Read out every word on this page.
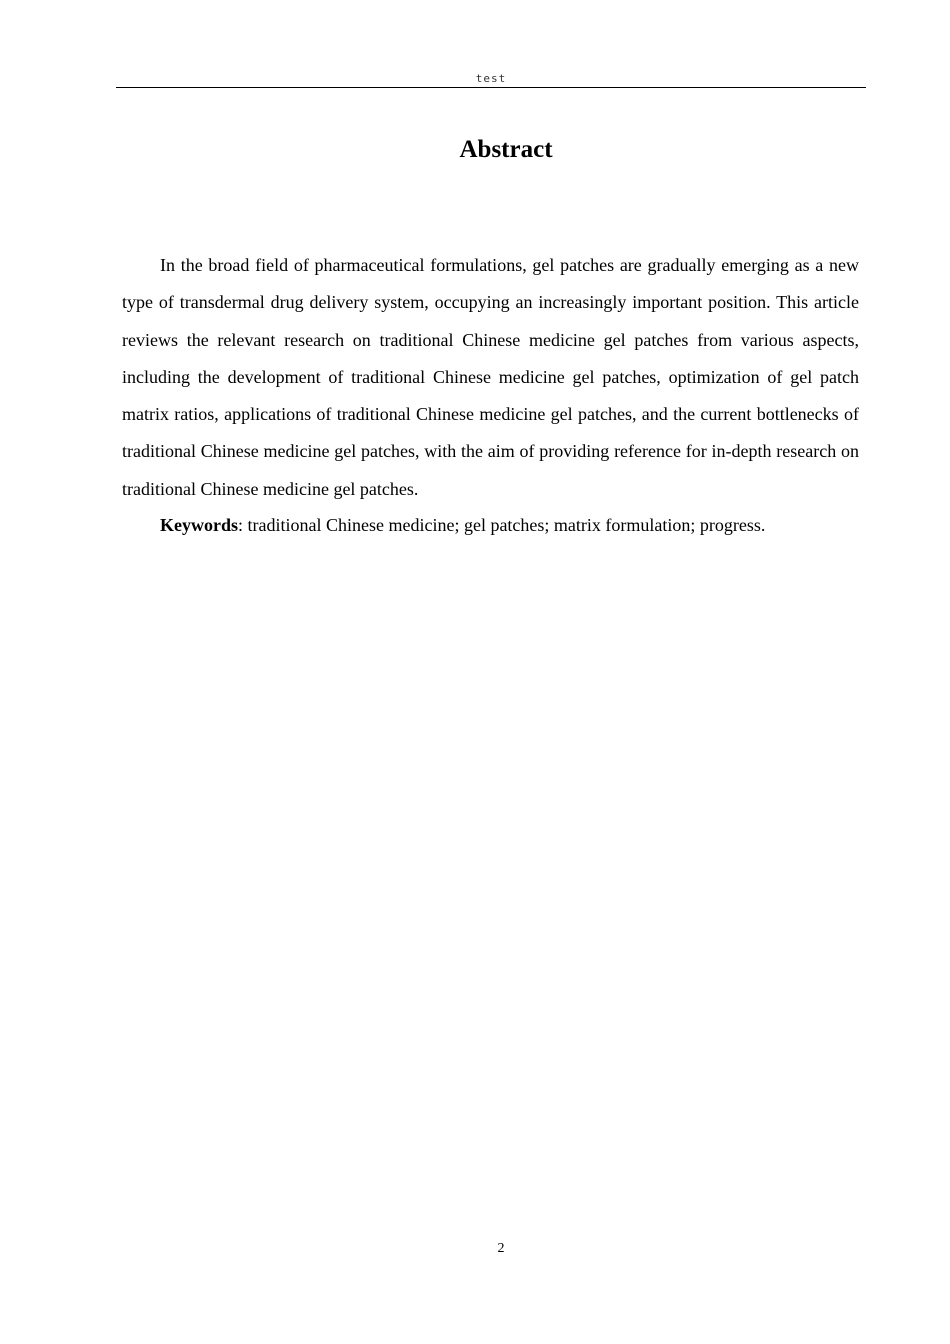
test
Abstract

In the broad field of pharmaceutical formulations, gel patches are gradually emerging as a new type of transdermal drug delivery system, occupying an increasingly important position. This article reviews the relevant research on traditional Chinese medicine gel patches from various aspects, including the development of traditional Chinese medicine gel patches, optimization of gel patch matrix ratios, applications of traditional Chinese medicine gel patches, and the current bottlenecks of traditional Chinese medicine gel patches, with the aim of providing reference for in-depth research on traditional Chinese medicine gel patches.

Keywords: traditional Chinese medicine; gel patches; matrix formulation; progress.

2
